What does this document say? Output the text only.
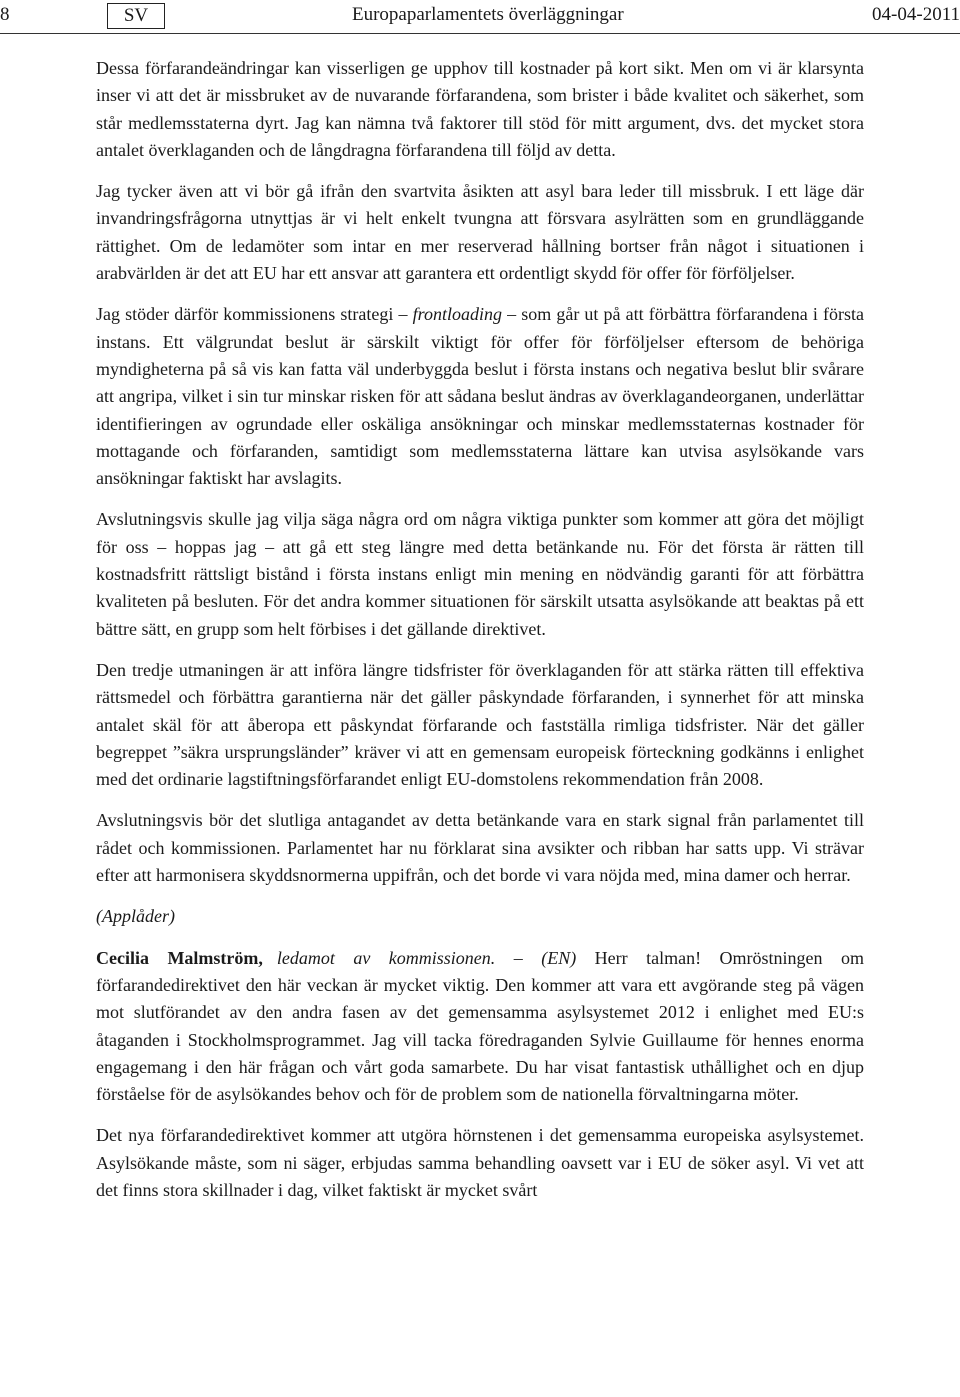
8	SV	Europaparlamentets överläggningar	04-04-2011

Dessa förfarandeändringar kan visserligen ge upphov till kostnader på kort sikt. Men om vi är klarsynta inser vi att det är missbruket av de nuvarande förfarandena, som brister i både kvalitet och säkerhet, som står medlemsstaterna dyrt. Jag kan nämna två faktorer till stöd för mitt argument, dvs. det mycket stora antalet överklaganden och de långdragna förfarandena till följd av detta.

Jag tycker även att vi bör gå ifrån den svartvita åsikten att asyl bara leder till missbruk. I ett läge där invandringsfrågorna utnyttjas är vi helt enkelt tvungna att försvara asylrätten som en grundläggande rättighet. Om de ledamöter som intar en mer reserverad hållning bortser från något i situationen i arabvärlden är det att EU har ett ansvar att garantera ett ordentligt skydd för offer för förföljelser.

Jag stöder därför kommissionens strategi – frontloading – som går ut på att förbättra förfarandena i första instans. Ett välgrundat beslut är särskilt viktigt för offer för förföljelser eftersom de behöriga myndigheterna på så vis kan fatta väl underbyggda beslut i första instans och negativa beslut blir svårare att angripa, vilket i sin tur minskar risken för att sådana beslut ändras av överklagandeorganen, underlättar identifieringen av ogrundade eller oskäliga ansökningar och minskar medlemsstaternas kostnader för mottagande och förfaranden, samtidigt som medlemsstaterna lättare kan utvisa asylsökande vars ansökningar faktiskt har avslagits.

Avslutningsvis skulle jag vilja säga några ord om några viktiga punkter som kommer att göra det möjligt för oss – hoppas jag – att gå ett steg längre med detta betänkande nu. För det första är rätten till kostnadsfritt rättsligt bistånd i första instans enligt min mening en nödvändig garanti för att förbättra kvaliteten på besluten. För det andra kommer situationen för särskilt utsatta asylsökande att beaktas på ett bättre sätt, en grupp som helt förbises i det gällande direktivet.

Den tredje utmaningen är att införa längre tidsfrister för överklaganden för att stärka rätten till effektiva rättsmedel och förbättra garantierna när det gäller påskyndade förfaranden, i synnerhet för att minska antalet skäl för att åberopa ett påskyndat förfarande och fastställa rimliga tidsfrister. När det gäller begreppet ”säkra ursprungsländer” kräver vi att en gemensam europeisk förteckning godkänns i enlighet med det ordinarie lagstiftningsförfarandet enligt EU-domstolens rekommendation från 2008.

Avslutningsvis bör det slutliga antagandet av detta betänkande vara en stark signal från parlamentet till rådet och kommissionen. Parlamentet har nu förklarat sina avsikter och ribban har satts upp. Vi strävar efter att harmonisera skyddsnormerna uppifrån, och det borde vi vara nöjda med, mina damer och herrar.

(Applåder)

Cecilia Malmström, ledamot av kommissionen. – (EN) Herr talman! Omröstningen om förfarandedirektivet den här veckan är mycket viktig. Den kommer att vara ett avgörande steg på vägen mot slutförandet av den andra fasen av det gemensamma asylsystemet 2012 i enlighet med EU:s åtaganden i Stockholmsprogrammet. Jag vill tacka föredraganden Sylvie Guillaume för hennes enorma engagemang i den här frågan och vårt goda samarbete. Du har visat fantastisk uthållighet och en djup förståelse för de asylsökandes behov och för de problem som de nationella förvaltningarna möter.

Det nya förfarandedirektivet kommer att utgöra hörnstenen i det gemensamma europeiska asylsystemet. Asylsökande måste, som ni säger, erbjudas samma behandling oavsett var i EU de söker asyl. Vi vet att det finns stora skillnader i dag, vilket faktiskt är mycket svårt
